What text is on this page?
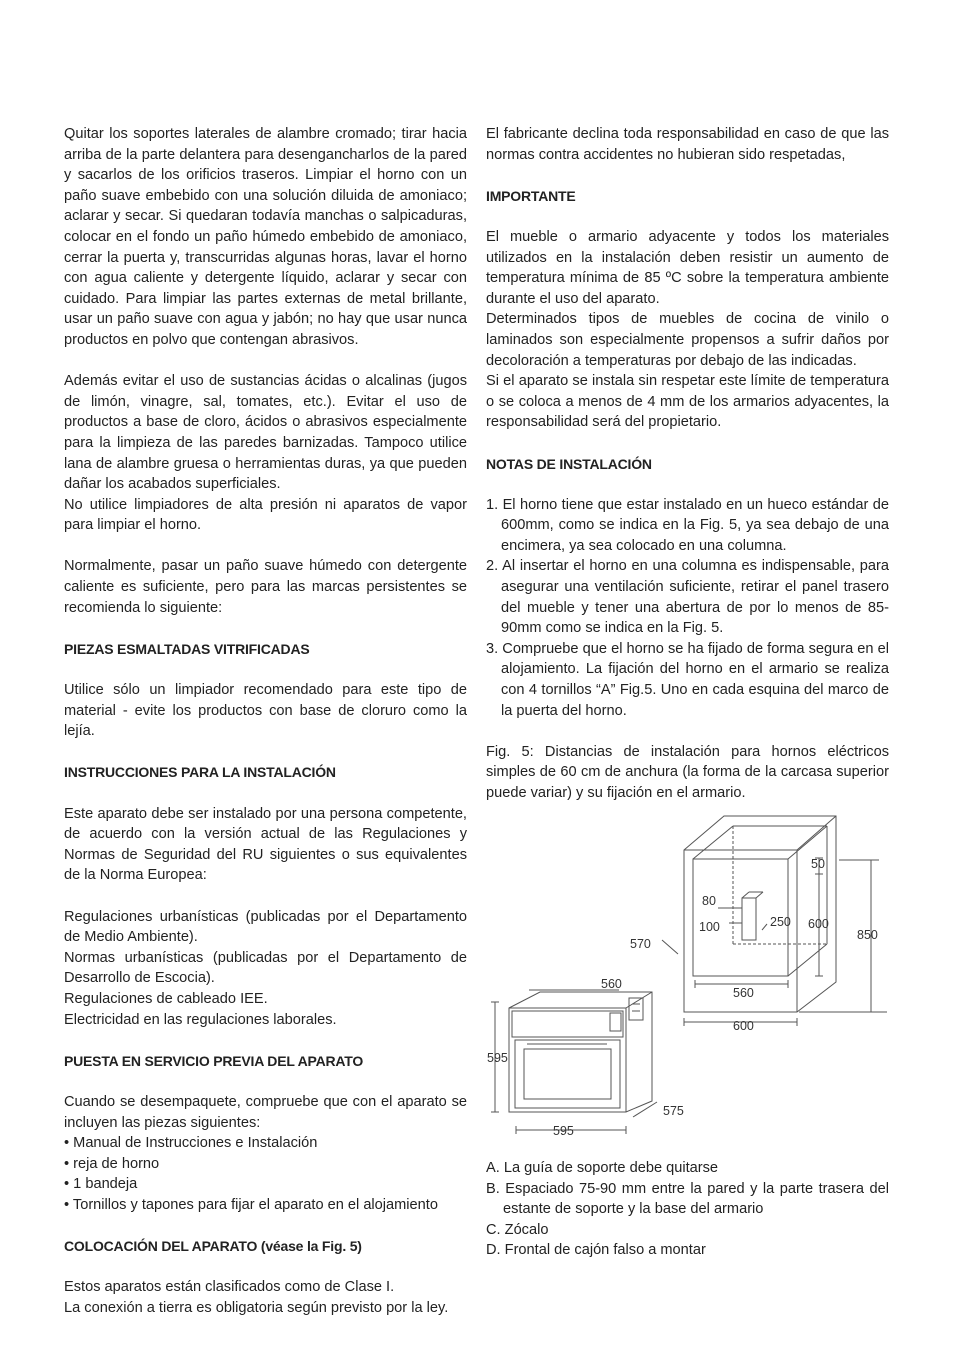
Quitar los soportes laterales de alambre cromado; tirar hacia arriba de la parte delantera para desengancharlos de la pared y sacarlos de los orificios traseros. Limpiar el horno con un paño suave embebido con una solución diluida de amoniaco; aclarar y secar. Si quedaran todavía manchas o salpicaduras, colocar en el fondo un paño húmedo embebido de amoniaco, cerrar la puerta y, transcurridas algunas horas, lavar el horno con agua caliente y detergente líquido, aclarar y secar con cuidado. Para limpiar las partes externas de metal brillante, usar un paño suave con agua y jabón; no hay que usar nunca productos en polvo que contengan abrasivos.

Además evitar el uso de sustancias ácidas o alcalinas (jugos de limón, vinagre, sal, tomates, etc.). Evitar el uso de productos a base de cloro, ácidos o abrasivos especialmente para la limpieza de las paredes barnizadas. Tampoco utilice lana de alambre gruesa o herramientas duras, ya que pueden dañar los acabados superficiales.

No utilice limpiadores de alta presión ni aparatos de vapor para limpiar el horno.

Normalmente, pasar un paño suave húmedo con detergente caliente es suficiente, pero para las marcas persistentes se recomienda lo siguiente:

PIEZAS ESMALTADAS VITRIFICADAS

Utilice sólo un limpiador recomendado para este tipo de material - evite los productos con base de cloruro como la lejía.

INSTRUCCIONES PARA LA INSTALACIÓN

Este aparato debe ser instalado por una persona competente, de acuerdo con la versión actual de las Regulaciones y Normas de Seguridad del RU siguientes o sus equivalentes de la Norma Europea:

Regulaciones urbanísticas (publicadas por el Departamento de Medio Ambiente).

Normas urbanísticas (publicadas por el Departamento de Desarrollo de Escocia).

Regulaciones de cableado IEE.

Electricidad en las regulaciones laborales.

PUESTA EN SERVICIO PREVIA DEL APARATO

Cuando se desempaquete, compruebe que con el aparato se incluyen las piezas siguientes:

• Manual de Instrucciones e Instalación

• reja de horno

• 1 bandeja

• Tornillos y tapones para fijar el aparato en el alojamiento

COLOCACIÓN DEL APARATO (véase la Fig. 5)

Estos aparatos están clasificados como de Clase I.

La conexión a tierra es obligatoria según previsto por la ley.

El fabricante declina toda responsabilidad en caso de que las normas contra accidentes no hubieran sido respetadas,

IMPORTANTE

El mueble o armario adyacente y todos los materiales utilizados en la instalación deben resistir un aumento de temperatura mínima de 85 ºC sobre la temperatura ambiente durante el uso del aparato.

Determinados tipos de muebles de cocina de vinilo o laminados son especialmente propensos a sufrir daños por decoloración a temperaturas por debajo de las indicadas.

Si el aparato se instala sin respetar este límite de temperatura o se coloca a menos de 4 mm de los armarios adyacentes, la responsabilidad será del propietario.

NOTAS DE INSTALACIÓN

1. El horno tiene que estar instalado en un hueco estándar de 600mm, como se indica en la Fig. 5, ya sea debajo de una encimera, ya sea colocado en una columna.

2. Al insertar el horno en una columna es indispensable, para asegurar una ventilación suficiente, retirar el panel trasero del mueble y tener una abertura de por lo menos de 85-90mm como se indica en la Fig. 5.

3. Compruebe que el horno se ha fijado de forma segura en el alojamiento. La fijación del horno en el armario se realiza con 4 tornillos “A” Fig.5. Uno en cada esquina del marco de la puerta del horno.

Fig. 5: Distancias de instalación para hornos eléctricos simples de 60 cm de anchura (la forma de la carcasa superior puede variar) y su fijación en el armario.

50
80
100	250 600
850
570
560
560
600
595
595
575

A. La guía de soporte debe quitarse

B. Espaciado 75-90 mm entre la pared y la parte trasera del estante de soporte y la base del armario

C. Zócalo

D. Frontal de cajón falso a montar
